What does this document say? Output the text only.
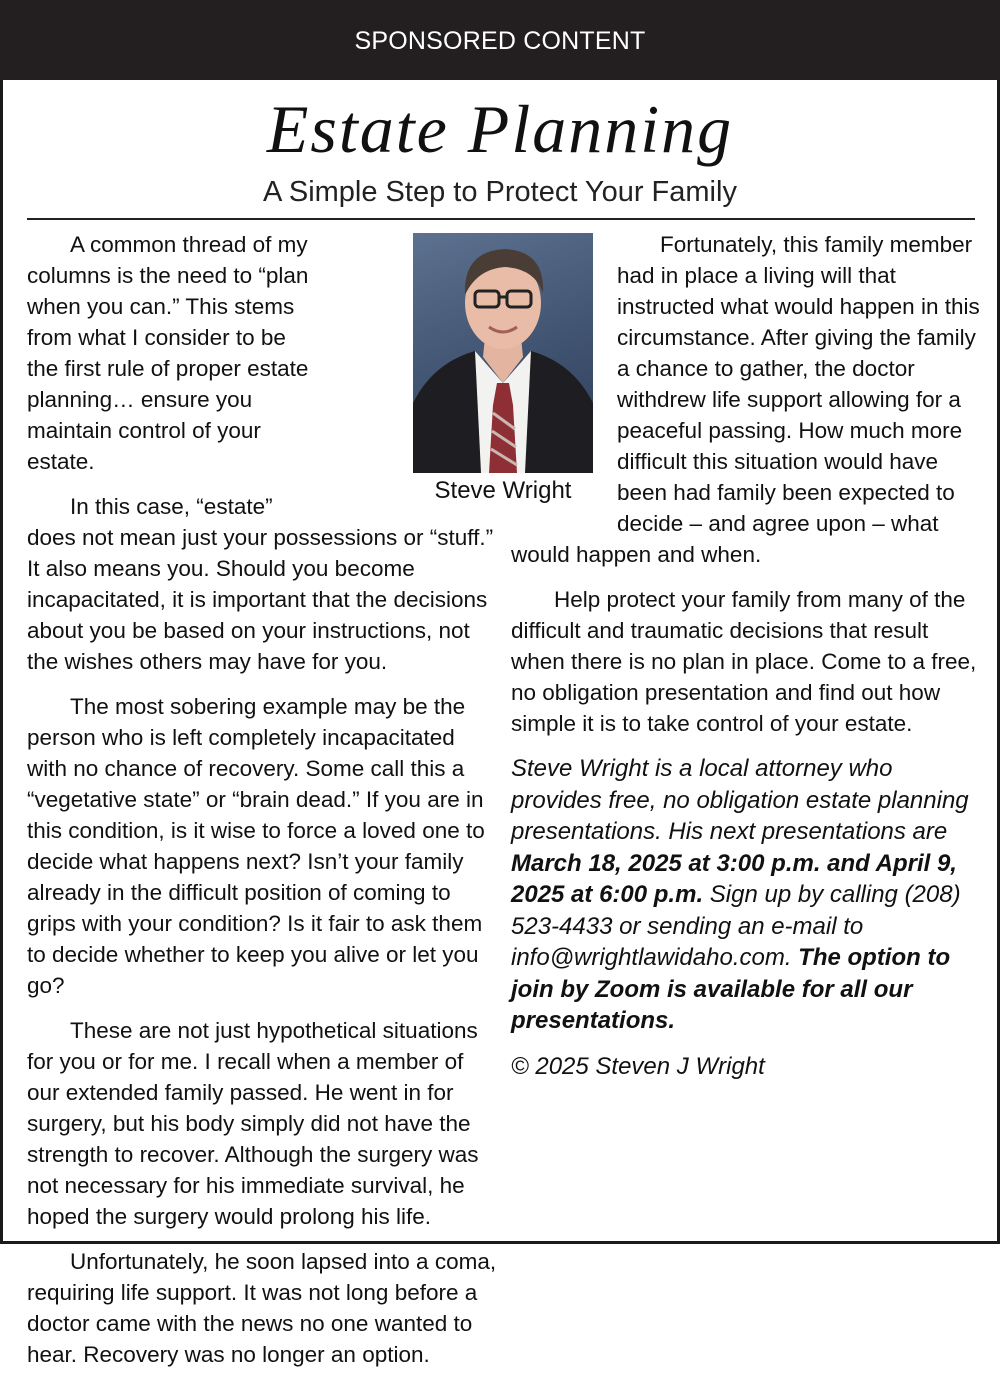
SPONSORED CONTENT
Estate Planning
A Simple Step to Protect Your Family

A common thread of my columns is the need to “plan when you can.” This stems from what I consider to be the first rule of proper estate planning… ensure you maintain control of your estate.

In this case, “estate” does not mean just your possessions or “stuff.” It also means you. Should you become incapacitated, it is important that the decisions about you be based on your instructions, not the wishes others may have for you.

The most sobering example may be the person who is left completely incapacitated with no chance of recovery. Some call this a “vegetative state” or “brain dead.” If you are in this condition, is it wise to force a loved one to decide what happens next? Isn’t your family already in the difficult position of coming to grips with your condition? Is it fair to ask them to decide whether to keep you alive or let you go?

These are not just hypothetical situations for you or for me. I recall when a member of our extended family passed. He went in for surgery, but his body simply did not have the strength to recover. Although the surgery was not necessary for his immediate survival, he hoped the surgery would prolong his life.

Unfortunately, he soon lapsed into a coma, requiring life support. It was not long before a doctor came with the news no one wanted to hear. Recovery was no longer an option.

Fortunately, this family member had in place a living will that instructed what would happen in this circumstance. After giving the family a chance to gather, the doctor withdrew life support allowing for a peaceful passing. How much more difficult this situation would have been had family been expected to decide – and agree upon – what would happen and when.

Help protect your family from many of the difficult and traumatic decisions that result when there is no plan in place. Come to a free, no obligation presentation and find out how simple it is to take control of your estate.

Steve Wright is a local attorney who provides free, no obligation estate planning presentations. His next presentations are March 18, 2025 at 3:00 p.m. and April 9, 2025 at 6:00 p.m. Sign up by calling (208) 523-4433 or sending an e-mail to info@wrightlawidaho.com. The option to join by Zoom is available for all our presentations.

© 2025 Steven J Wright

Steve Wright
